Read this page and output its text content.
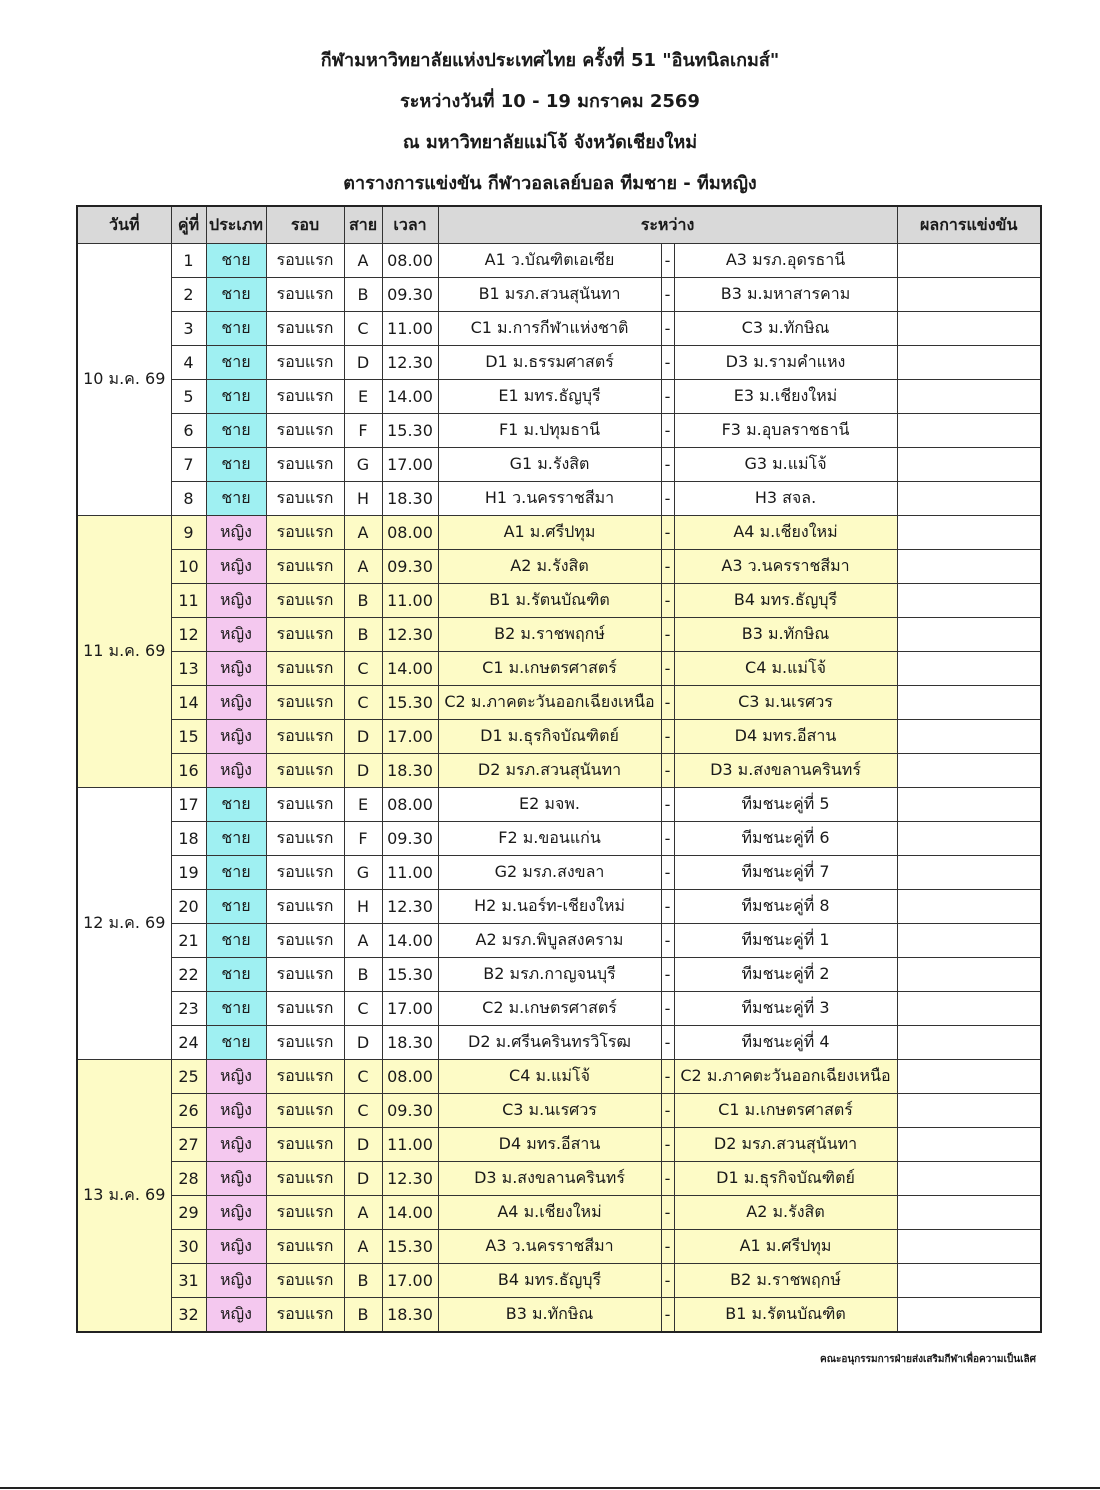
กีฬามหาวิทยาลัยแห่งประเทศไทย ครั้งที่ 51 "อินทนิลเกมส์"
ระหว่างวันที่ 10 - 19 มกราคม 2569
ณ มหาวิทยาลัยแม่โจ้ จังหวัดเชียงใหม่
ตารางการแข่งขัน กีฬาวอลเลย์บอล ทีมชาย - ทีมหญิง
วันที่	คู่ที่	ประเภท	รอบ	สาย	เวลา	ระหว่าง			ผลการแข่งขัน
10 ม.ค. 69	1	ชาย	รอบแรก	A	08.00	A1 ว.บัณฑิตเอเซีย	-	A3 มรภ.อุดรธานี	
	2	ชาย	รอบแรก	B	09.30	B1 มรภ.สวนสุนันทา	-	B3 ม.มหาสารคาม	
	3	ชาย	รอบแรก	C	11.00	C1 ม.การกีฬาแห่งชาติ	-	C3 ม.ทักษิณ	
	4	ชาย	รอบแรก	D	12.30	D1 ม.ธรรมศาสตร์	-	D3 ม.รามคำแหง	
	5	ชาย	รอบแรก	E	14.00	E1 มทร.ธัญบุรี	-	E3 ม.เชียงใหม่	
	6	ชาย	รอบแรก	F	15.30	F1 ม.ปทุมธานี	-	F3 ม.อุบลราชธานี	
	7	ชาย	รอบแรก	G	17.00	G1 ม.รังสิต	-	G3 ม.แม่โจ้	
	8	ชาย	รอบแรก	H	18.30	H1 ว.นครราชสีมา	-	H3 สจล.	
11 ม.ค. 69	9	หญิง	รอบแรก	A	08.00	A1 ม.ศรีปทุม	-	A4 ม.เชียงใหม่	
	10	หญิง	รอบแรก	A	09.30	A2 ม.รังสิต	-	A3 ว.นครราชสีมา	
	11	หญิง	รอบแรก	B	11.00	B1 ม.รัตนบัณฑิต	-	B4 มทร.ธัญบุรี	
	12	หญิง	รอบแรก	B	12.30	B2 ม.ราชพฤกษ์	-	B3 ม.ทักษิณ	
	13	หญิง	รอบแรก	C	14.00	C1 ม.เกษตรศาสตร์	-	C4 ม.แม่โจ้	
	14	หญิง	รอบแรก	C	15.30	C2 ม.ภาคตะวันออกเฉียงเหนือ	-	C3 ม.นเรศวร	
	15	หญิง	รอบแรก	D	17.00	D1 ม.ธุรกิจบัณฑิตย์	-	D4 มทร.อีสาน	
	16	หญิง	รอบแรก	D	18.30	D2 มรภ.สวนสุนันทา	-	D3 ม.สงขลานครินทร์	
12 ม.ค. 69	17	ชาย	รอบแรก	E	08.00	E2 มจพ.	-	ทีมชนะคู่ที่ 5	
	18	ชาย	รอบแรก	F	09.30	F2 ม.ขอนแก่น	-	ทีมชนะคู่ที่ 6	
	19	ชาย	รอบแรก	G	11.00	G2 มรภ.สงขลา	-	ทีมชนะคู่ที่ 7	
	20	ชาย	รอบแรก	H	12.30	H2 ม.นอร์ท-เชียงใหม่	-	ทีมชนะคู่ที่ 8	
	21	ชาย	รอบแรก	A	14.00	A2 มรภ.พิบูลสงคราม	-	ทีมชนะคู่ที่ 1	
	22	ชาย	รอบแรก	B	15.30	B2 มรภ.กาญจนบุรี	-	ทีมชนะคู่ที่ 2	
	23	ชาย	รอบแรก	C	17.00	C2 ม.เกษตรศาสตร์	-	ทีมชนะคู่ที่ 3	
	24	ชาย	รอบแรก	D	18.30	D2 ม.ศรีนครินทรวิโรฒ	-	ทีมชนะคู่ที่ 4	
13 ม.ค. 69	25	หญิง	รอบแรก	C	08.00	C4 ม.แม่โจ้	-	C2 ม.ภาคตะวันออกเฉียงเหนือ	
	26	หญิง	รอบแรก	C	09.30	C3 ม.นเรศวร	-	C1 ม.เกษตรศาสตร์	
	27	หญิง	รอบแรก	D	11.00	D4 มทร.อีสาน	-	D2 มรภ.สวนสุนันทา	
	28	หญิง	รอบแรก	D	12.30	D3 ม.สงขลานครินทร์	-	D1 ม.ธุรกิจบัณฑิตย์	
	29	หญิง	รอบแรก	A	14.00	A4 ม.เชียงใหม่	-	A2 ม.รังสิต	
	30	หญิง	รอบแรก	A	15.30	A3 ว.นครราชสีมา	-	A1 ม.ศรีปทุม	
	31	หญิง	รอบแรก	B	17.00	B4 มทร.ธัญบุรี	-	B2 ม.ราชพฤกษ์	
	32	หญิง	รอบแรก	B	18.30	B3 ม.ทักษิณ	-	B1 ม.รัตนบัณฑิต	
คณะอนุกรรมการฝ่ายส่งเสริมกีฬาเพื่อความเป็นเลิศ
